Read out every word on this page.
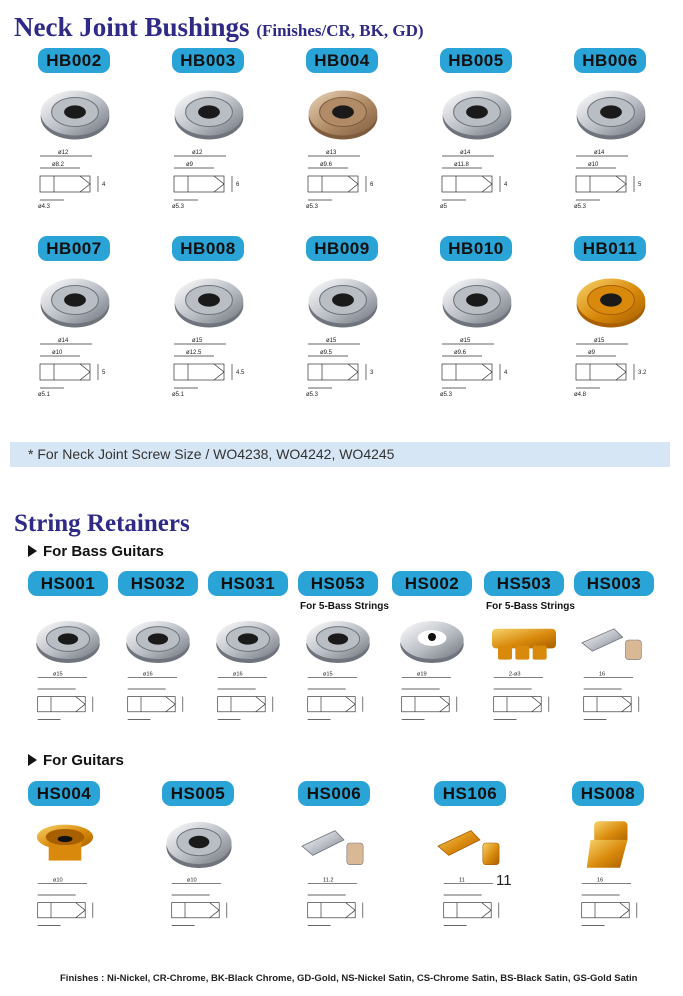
Neck Joint Bushings (Finishes/CR, BK, GD)
* For Neck Joint Screw Size / WO4238, WO4242, WO4245
String Retainers
For Bass Guitars
For Guitars
11
Finishes : Ni-Nickel, CR-Chrome, BK-Black Chrome, GD-Gold, NS-Nickel Satin, CS-Chrome Satin, BS-Black Satin, GS-Gold Satin
HB002
ø12
ø8.2
ø4.3
4
HB003
ø12
ø9
ø5.3
6
HB004
ø13
ø9.6
ø5.3
6
HB005
ø14
ø11.8
ø5
4
HB006
ø14
ø10
ø5.3
5
HB007
ø14
ø10
ø5.1
5
HB008
ø15
ø12.5
ø5.1
4.5
HB009
ø15
ø9.5
ø5.3
3
HB010
ø15
ø9.6
ø5.3
4
HB011
ø15
ø9
ø4.8
3.2
HS001
ø15
HS032
ø16
HS031
ø16
HS053
For 5-Bass Strings
ø15
HS002
ø19
HS503
For 5-Bass Strings
2-ø3
HS003
16
HS004
ø10
HS005
ø10
HS006
11.2
HS106
11
HS008
16
